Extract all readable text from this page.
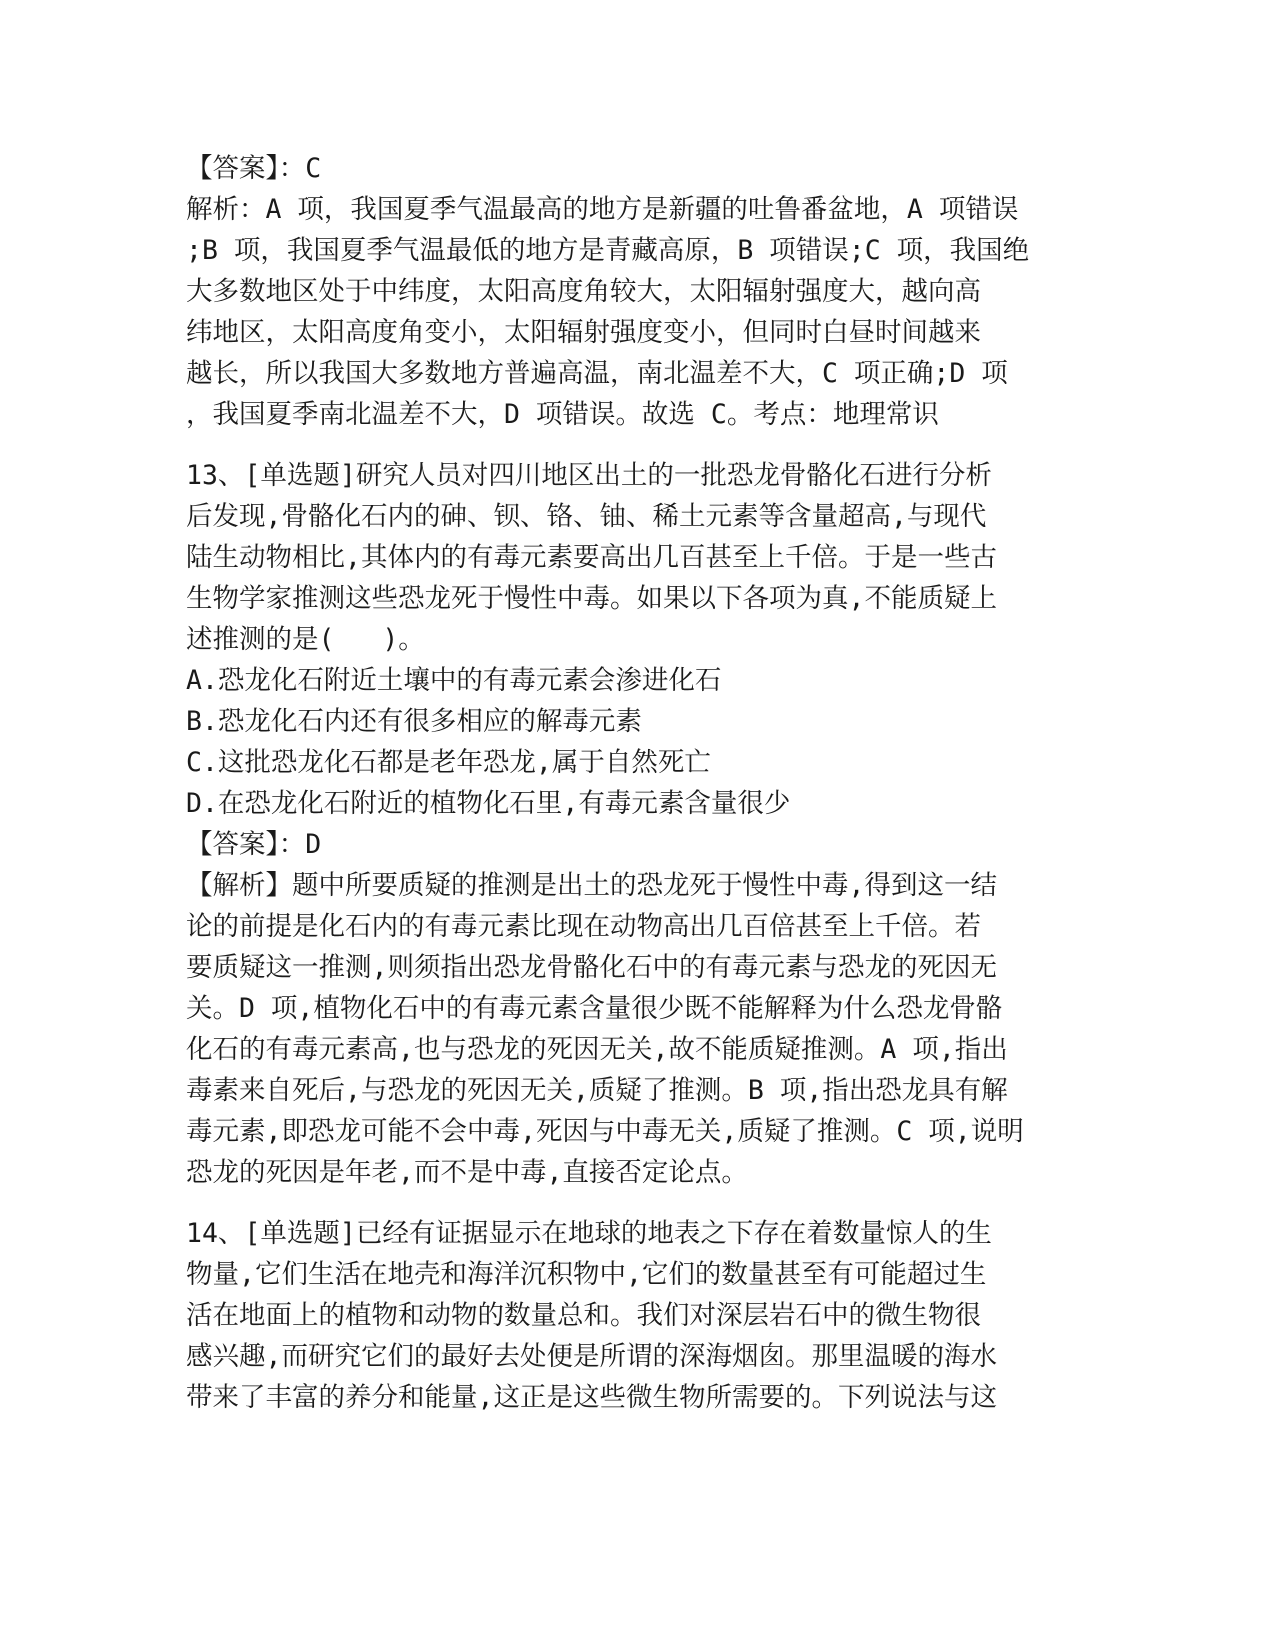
【答案】：C
解析：A 项，我国夏季气温最高的地方是新疆的吐鲁番盆地，A 项错误
;B 项，我国夏季气温最低的地方是青藏高原，B 项错误;C 项，我国绝
大多数地区处于中纬度，太阳高度角较大，太阳辐射强度大，越向高
纬地区，太阳高度角变小，太阳辐射强度变小，但同时白昼时间越来
越长，所以我国大多数地方普遍高温，南北温差不大，C 项正确;D 项
，我国夏季南北温差不大，D 项错误。故选 C。考点：地理常识
13、[单选题]研究人员对四川地区出土的一批恐龙骨骼化石进行分析
后发现,骨骼化石内的砷、钡、铬、铀、稀土元素等含量超高,与现代
陆生动物相比,其体内的有毒元素要高出几百甚至上千倍。于是一些古
生物学家推测这些恐龙死于慢性中毒。如果以下各项为真,不能质疑上
述推测的是(   )。
A.恐龙化石附近土壤中的有毒元素会渗进化石
B.恐龙化石内还有很多相应的解毒元素
C.这批恐龙化石都是老年恐龙,属于自然死亡
D.在恐龙化石附近的植物化石里,有毒元素含量很少
【答案】：D
【解析】题中所要质疑的推测是出土的恐龙死于慢性中毒,得到这一结
论的前提是化石内的有毒元素比现在动物高出几百倍甚至上千倍。若
要质疑这一推测,则须指出恐龙骨骼化石中的有毒元素与恐龙的死因无
关。D 项,植物化石中的有毒元素含量很少既不能解释为什么恐龙骨骼
化石的有毒元素高,也与恐龙的死因无关,故不能质疑推测。A 项,指出
毒素来自死后,与恐龙的死因无关,质疑了推测。B 项,指出恐龙具有解
毒元素,即恐龙可能不会中毒,死因与中毒无关,质疑了推测。C 项,说明
恐龙的死因是年老,而不是中毒,直接否定论点。
14、[单选题]已经有证据显示在地球的地表之下存在着数量惊人的生
物量,它们生活在地壳和海洋沉积物中,它们的数量甚至有可能超过生
活在地面上的植物和动物的数量总和。我们对深层岩石中的微生物很
感兴趣,而研究它们的最好去处便是所谓的深海烟囱。那里温暖的海水
带来了丰富的养分和能量,这正是这些微生物所需要的。下列说法与这
